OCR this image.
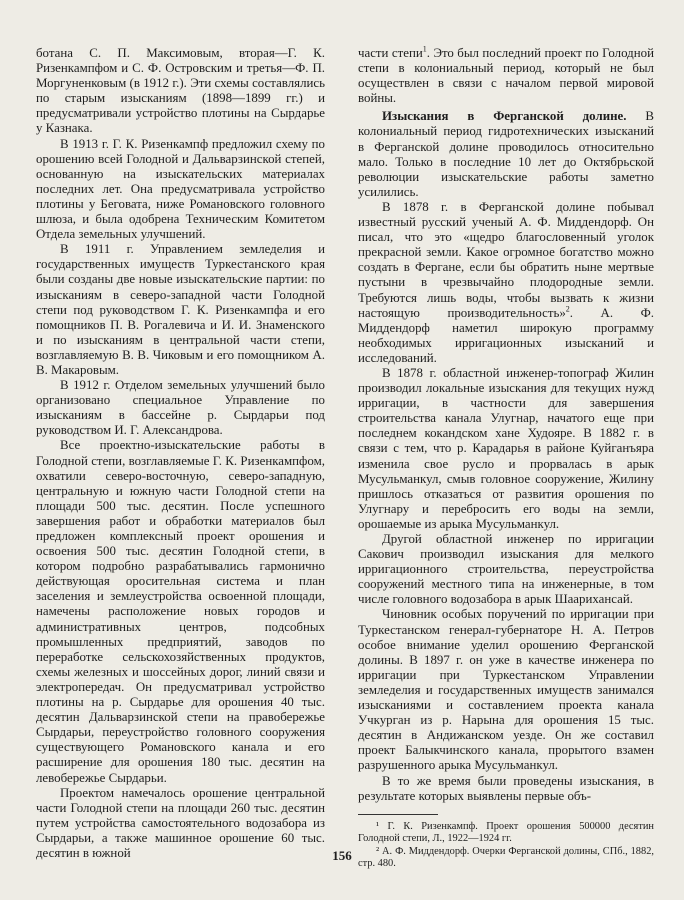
ботана С. П. Максимовым, вторая—Г. К. Ризенкампфом и С. Ф. Островским и третья—Ф. П. Моргуненковым (в 1912 г.). Эти схемы составлялись по старым изысканиям (1898—1899 гг.) и предусматривали устройство плотины на Сырдарье у Казнака.

В 1913 г. Г. К. Ризенкампф предложил схему по орошению всей Голодной и Дальварзинской степей, основанную на изыскательских материалах последних лет. Она предусматривала устройство плотины у Беговата, ниже Романовского головного шлюза, и была одобрена Техническим Комитетом Отдела земельных улучшений.

В 1911 г. Управлением земледелия и государственных имуществ Туркестанского края были созданы две новые изыскательские партии: по изысканиям в северо-западной части Голодной степи под руководством Г. К. Ризенкампфа и его помощников П. В. Рогалевича и И. И. Знаменского и по изысканиям в центральной части степи, возглавляемую В. В. Чиковым и его помощником А. В. Макаровым.

В 1912 г. Отделом земельных улучшений было организовано специальное Управление по изысканиям в бассейне р. Сырдарьи под руководством И. Г. Александрова.

Все проектно-изыскательские работы в Голодной степи, возглавляемые Г. К. Ризенкампфом, охватили северо-восточную, северо-западную, центральную и южную части Голодной степи на площади 500 тыс. десятин. После успешного завершения работ и обработки материалов был предложен комплексный проект орошения и освоения 500 тыс. десятин Голодной степи, в котором подробно разрабатывались гармонично действующая оросительная система и план заселения и землеустройства освоенной площади, намечены расположение новых городов и административных центров, подсобных промышленных предприятий, заводов по переработке сельскохозяйственных продуктов, схемы железных и шоссейных дорог, линий связи и электропередач. Он предусматривал устройство плотины на р. Сырдарье для орошения 40 тыс. десятин Дальварзинской степи на правобережье Сырдарьи, переустройство головного сооружения существующего Романовского канала и его расширение для орошения 180 тыс. десятин на левобережье Сырдарьи.

Проектом намечалось орошение центральной части Голодной степи на площади 260 тыс. десятин путем устройства самостоятельного водозабора из Сырдарьи, а также машинное орошение 60 тыс. десятин в южной

части степи$^1$. Это был последний проект по Голодной степи в колониальный период, который не был осуществлен в связи с началом первой мировой войны.

Изыскания в Ферганской долине. В колониальный период гидротехнических изысканий в Ферганской долине проводилось относительно мало. Только в последние 10 лет до Октябрьской революции изыскательские работы заметно усилились.

В 1878 г. в Ферганской долине побывал известный русский ученый А. Ф. Миддендорф. Он писал, что это «щедро благословенный уголок прекрасной земли. Какое огромное богатство можно создать в Фергане, если бы обратить ныне мертвые пустыни в чрезвычайно плодородные земли. Требуются лишь воды, чтобы вызвать к жизни настоящую производительность»$^2$. А. Ф. Миддендорф наметил широкую программу необходимых ирригационных изысканий и исследований.

В 1878 г. областной инженер-топограф Жилин производил локальные изыскания для текущих нужд ирригации, в частности для завершения строительства канала Улугнар, начатого еще при последнем кокандском хане Худояре. В 1882 г. в связи с тем, что р. Карадарья в районе Куйганъяра изменила свое русло и прорвалась в арык Мусульманкул, смыв головное сооружение, Жилину пришлось отказаться от развития орошения по Улугнару и перебросить его воды на земли, орошаемые из арыка Мусульманкул.

Другой областной инженер по ирригации Сакович производил изыскания для мелкого ирригационного строительства, переустройства сооружений местного типа на инженерные, в том числе головного водозабора в арык Шаарихансай.

Чиновник особых поручений по ирригации при Туркестанском генерал-губернаторе Н. А. Петров особое внимание уделил орошению Ферганской долины. В 1897 г. он уже в качестве инженера по ирригации при Туркестанском Управлении земледелия и государственных имуществ занимался изысканиями и составлением проекта канала Учкурган из р. Нарына для орошения 15 тыс. десятин в Андижанском уезде. Он же составил проект Балыкчинского канала, прорытого взамен разрушенного арыка Мусульманкул.

В то же время были проведены изыскания, в результате которых выявлены первые объ-

¹ Г. К. Ризенкампф. Проект орошения 500000 десятин Голодной степи, Л., 1922—1924 гг.

² А. Ф. Миддендорф. Очерки Ферганской долины, СПб., 1882, стр. 480.

156
